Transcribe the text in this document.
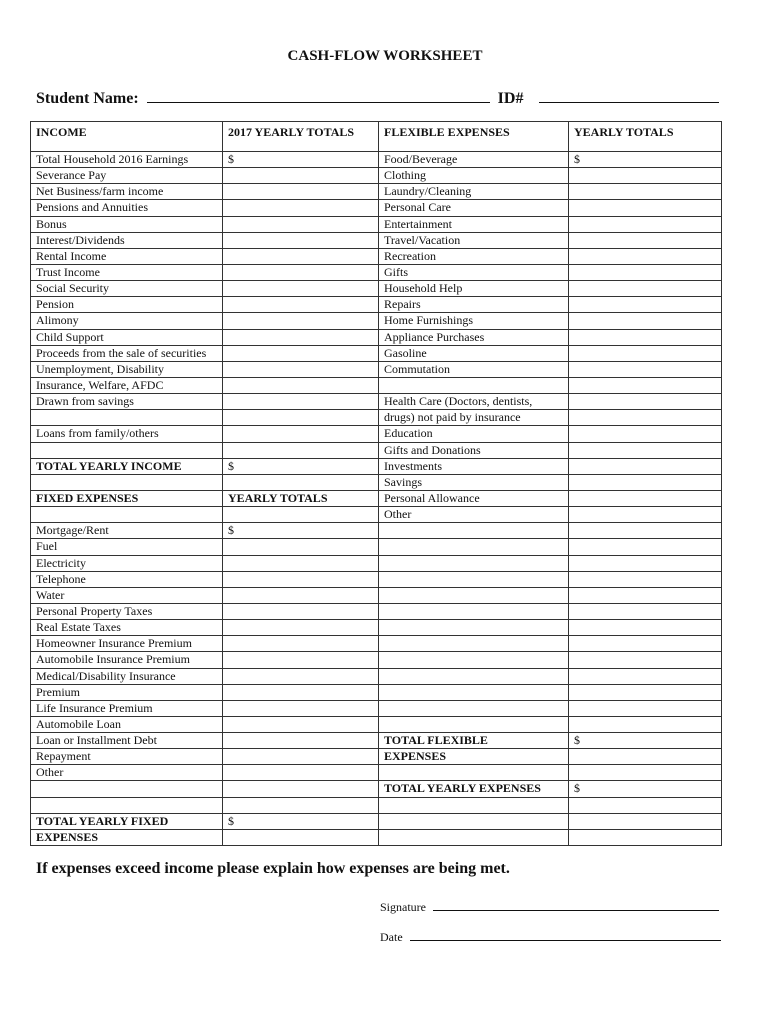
CASH-FLOW WORKSHEET
Student Name:	ID#
INCOME	2017 YEARLY TOTALS	FLEXIBLE EXPENSES	YEARLY TOTALS
Total Household 2016 Earnings	$	Food/Beverage	$
Severance Pay		Clothing	
Net Business/farm income		Laundry/Cleaning	
Pensions and Annuities		Personal Care	
Bonus		Entertainment	
Interest/Dividends		Travel/Vacation	
Rental Income		Recreation	
Trust Income		Gifts	
Social Security		Household Help	
Pension		Repairs	
Alimony		Home Furnishings	
Child Support		Appliance Purchases	
Proceeds from the sale of securities		Gasoline	
Unemployment, Disability		Commutation	
Insurance, Welfare, AFDC			
Drawn from savings		Health Care (Doctors, dentists,	
		drugs) not paid by insurance	
Loans from family/others		Education	
		Gifts and Donations	
TOTAL YEARLY INCOME	$	Investments	
		Savings	
FIXED EXPENSES	YEARLY TOTALS	Personal Allowance	
		Other	
Mortgage/Rent	$		
Fuel			
Electricity			
Telephone			
Water			
Personal Property Taxes			
Real Estate Taxes			
Homeowner Insurance Premium			
Automobile Insurance Premium			
Medical/Disability Insurance			
Premium			
Life Insurance Premium			
Automobile Loan			
Loan or Installment Debt		TOTAL FLEXIBLE	$
Repayment		EXPENSES	
Other			
		TOTAL YEARLY EXPENSES	$

TOTAL YEARLY FIXED	$		
EXPENSES			
If expenses exceed income please explain how expenses are being met.
Signature
Date
